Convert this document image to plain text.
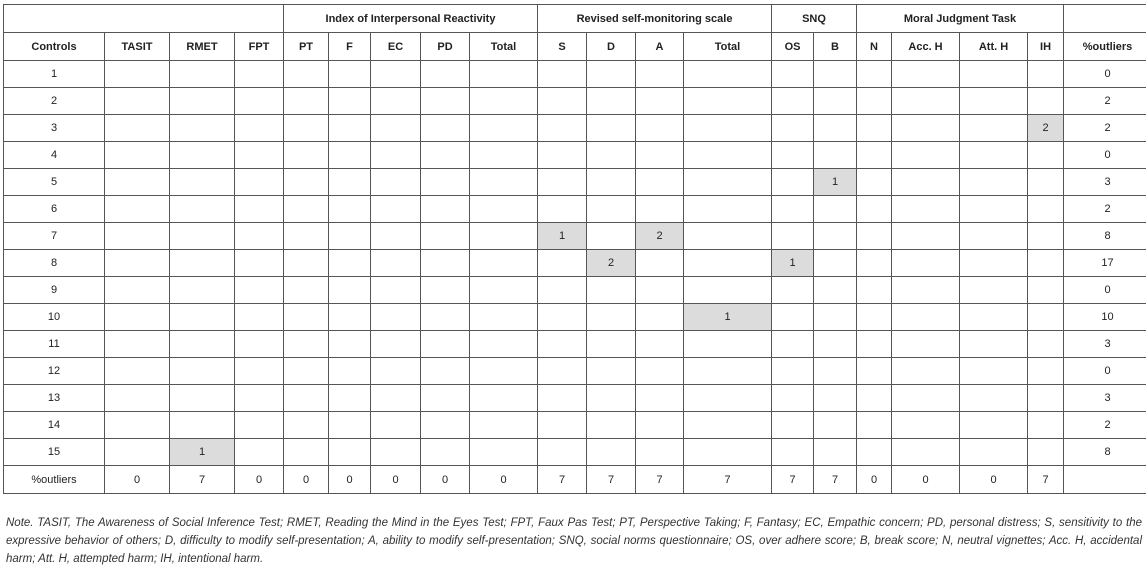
				Index of Interpersonal Reactivity					Revised self-monitoring scale				SNQ		Moral Judgment Task				
Controls	TASIT	RMET	FPT	PT	F	EC	PD	Total	S	D	A	Total	OS	B	N	Acc. H	Att. H	IH	%outliers
1																			0
2																			2
3																		2	2
4																			0
5														1					3
6																			2
7									1		2								8
8										2			1						17
9																			0
10												1							10
11																			3
12																			0
13																			3
14																			2
15		1																	8
%outliers	0	7	0	0	0	0	0	0	7	7	7	7	7	7	0	0	0	7	
Note. TASIT, The Awareness of Social Inference Test; RMET, Reading the Mind in the Eyes Test; FPT, Faux Pas Test; PT, Perspective Taking; F, Fantasy; EC, Empathic concern; PD, personal distress; S, sensitivity to the expressive behavior of others; D, difficulty to modify self-presentation; A, ability to modify self-presentation; SNQ, social norms questionnaire; OS, over adhere score; B, break score; N, neutral vignettes; Acc. H, accidental harm; Att. H, attempted harm; IH, intentional harm.
